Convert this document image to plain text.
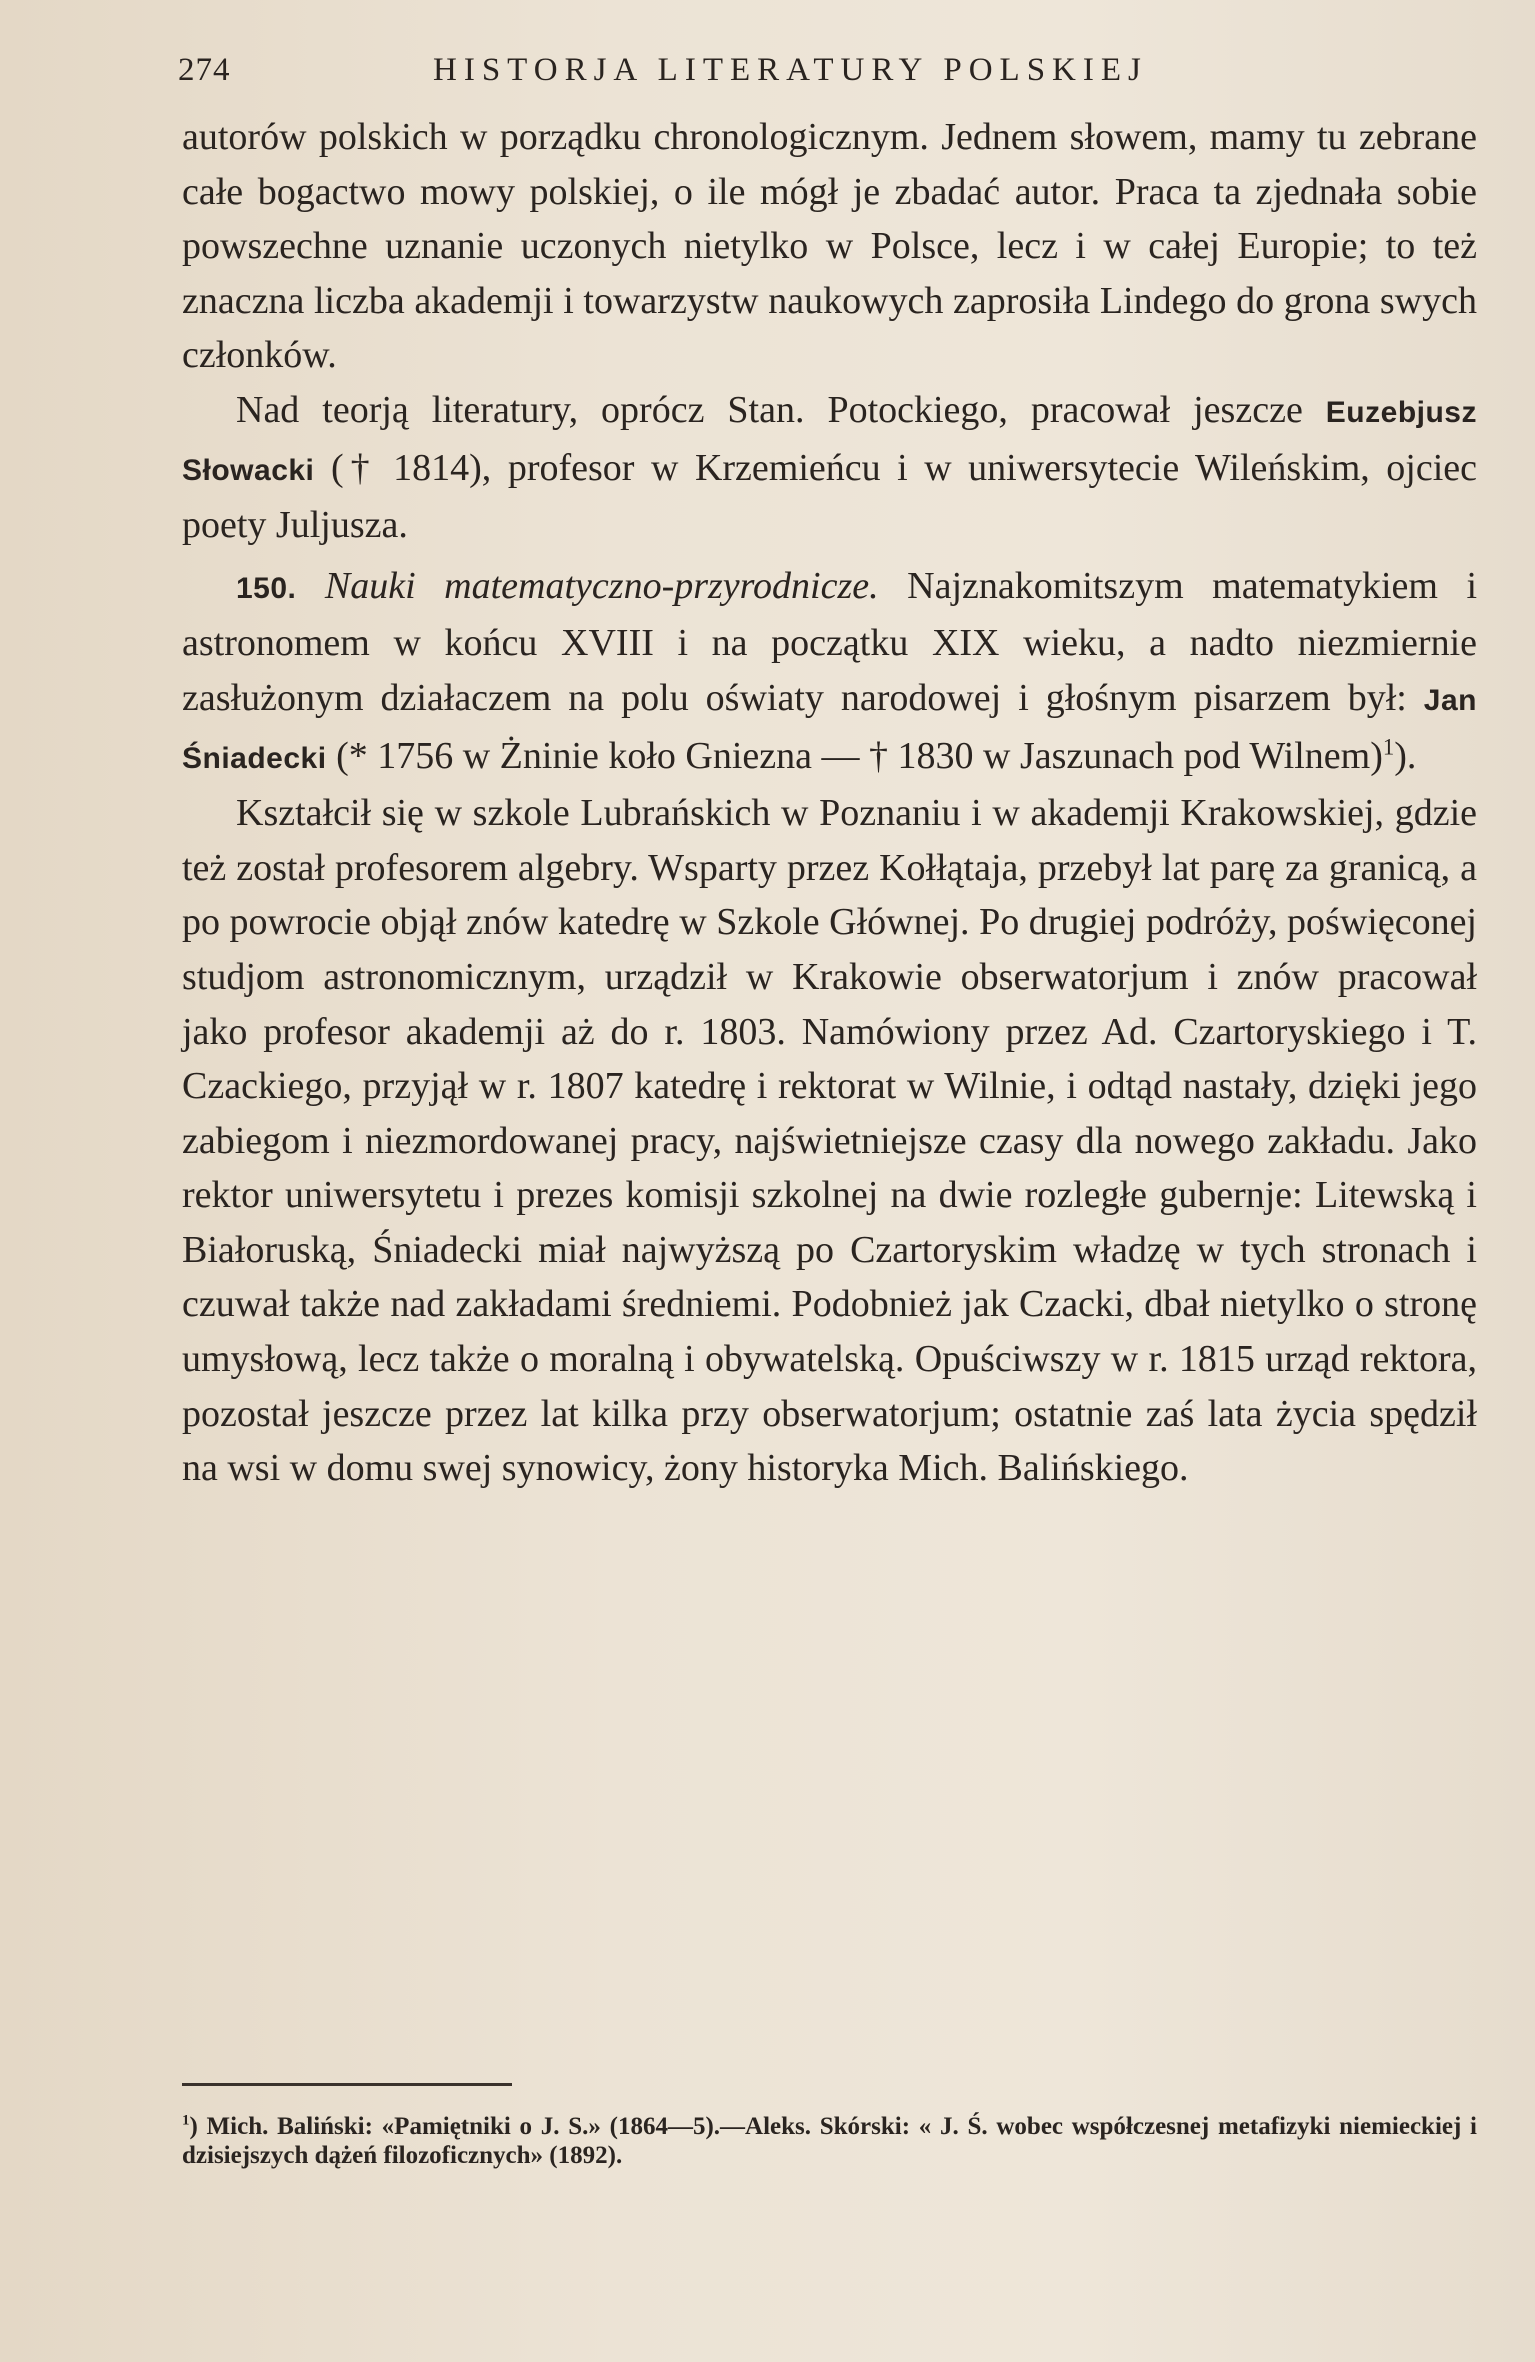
274	HISTORJA LITERATURY POLSKIEJ

autorów polskich w porządku chronologicznym. Jednem słowem, mamy tu zebrane całe bogactwo mowy polskiej, o ile mógł je zbadać autor. Praca ta zjednała sobie powszechne uznanie uczonych nietylko w Polsce, lecz i w całej Europie; to też znaczna liczba akademji i towarzystw naukowych zaprosiła Lindego do grona swych członków.

Nad teorją literatury, oprócz Stan. Potockiego, pracował jeszcze Euzebjusz Słowacki († 1814), profesor w Krzemieńcu i w uniwersytecie Wileńskim, ojciec poety Juljusza.

150. Nauki matematyczno-przyrodnicze. Najznakomitszym matematykiem i astronomem w końcu XVIII i na początku XIX wieku, a nadto niezmiernie zasłużonym działaczem na polu oświaty narodowej i głośnym pisarzem był: Jan Śniadecki (* 1756 w Żninie koło Gniezna — † 1830 w Jaszunach pod Wilnem)$^1$).

Kształcił się w szkole Lubrańskich w Poznaniu i w akademji Krakowskiej, gdzie też został profesorem algebry. Wsparty przez Kołłątaja, przebył lat parę za granicą, a po powrocie objął znów katedrę w Szkole Głównej. Po drugiej podróży, poświęconej studjom astronomicznym, urządził w Krakowie obserwatorjum i znów pracował jako profesor akademji aż do r. 1803. Namówiony przez Ad. Czartoryskiego i T. Czackiego, przyjął w r. 1807 katedrę i rektorat w Wilnie, i odtąd nastały, dzięki jego zabiegom i niezmordowanej pracy, najświetniejsze czasy dla nowego zakładu. Jako rektor uniwersytetu i prezes komisji szkolnej na dwie rozległe gubernje: Litewską i Białoruską, Śniadecki miał najwyższą po Czartoryskim władzę w tych stronach i czuwał także nad zakładami średniemi. Podobnież jak Czacki, dbał nietylko o stronę umysłową, lecz także o moralną i obywatelską. Opuściwszy w r. 1815 urząd rektora, pozostał jeszcze przez lat kilka przy obserwatorjum; ostatnie zaś lata życia spędził na wsi w domu swej synowicy, żony historyka Mich. Balińskiego.

$^1$) Mich. Baliński: «Pamiętniki o J. S.» (1864—5).—Aleks. Skórski: « J. Ś. wobec współczesnej metafizyki niemieckiej i dzisiejszych dążeń filozoficznych» (1892).
